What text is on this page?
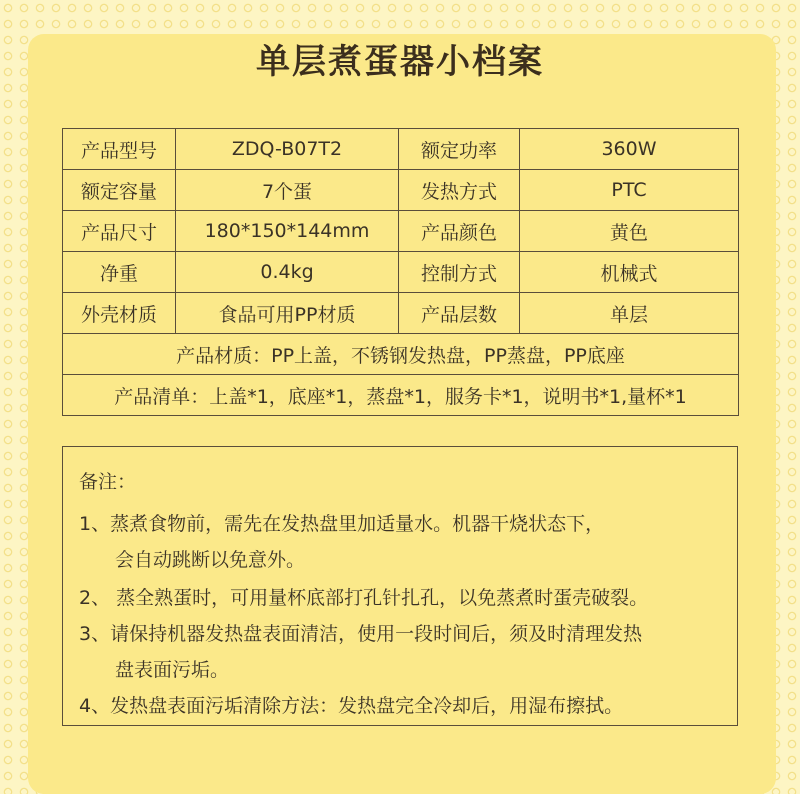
单层煮蛋器小档案
产品型号	ZDQ-B07T2	额定功率	360W
额定容量	7个蛋	发热方式	PTC
产品尺寸	180*150*144mm	产品颜色	黄色
净重	0.4kg	控制方式	机械式
外壳材质	食品可用PP材质	产品层数	单层
产品材质：PP上盖，不锈钢发热盘，PP蒸盘，PP底座			
产品清单：上盖*1，底座*1，蒸盘*1，服务卡*1，说明书*1,量杯*1			
备注：
1、蒸煮食物前，需先在发热盘里加适量水。机器干烧状态下，
会自动跳断以免意外。
2、 蒸全熟蛋时，可用量杯底部打孔针扎孔，以免蒸煮时蛋壳破裂。
3、请保持机器发热盘表面清洁，使用一段时间后，须及时清理发热
盘表面污垢。
4、发热盘表面污垢清除方法：发热盘完全冷却后，用湿布擦拭。
